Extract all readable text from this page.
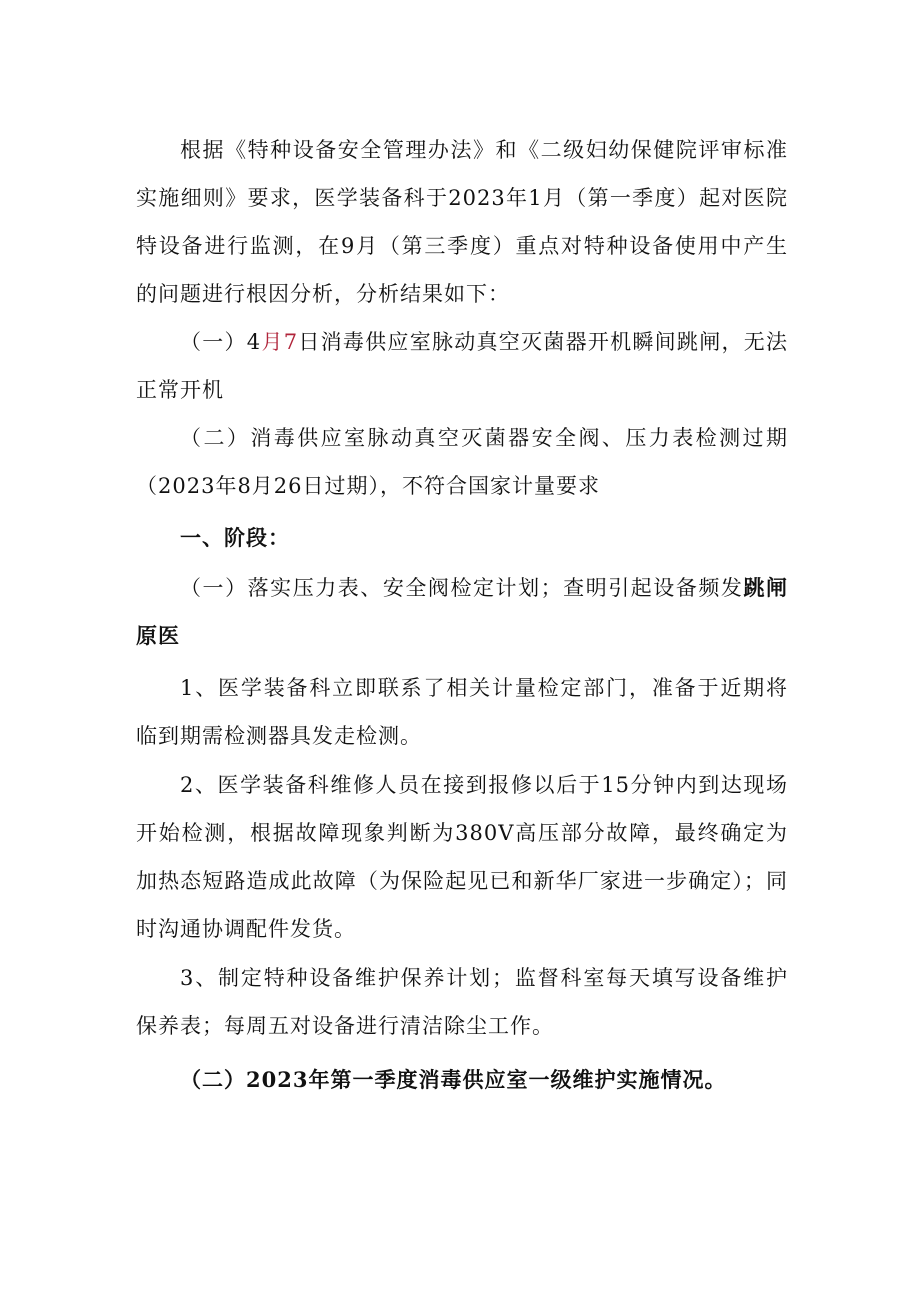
根据《特种设备安全管理办法》和《二级妇幼保健院评审标准实施细则》要求，医学装备科于2023年1月（第一季度）起对医院特设备进行监测，在9月（第三季度）重点对特种设备使用中产生的问题进行根因分析，分析结果如下：

（一）4月7日消毒供应室脉动真空灭菌器开机瞬间跳闸，无法正常开机

（二）消毒供应室脉动真空灭菌器安全阀、压力表检测过期（2023年8月26日过期），不符合国家计量要求

一、阶段：

（一）落实压力表、安全阀检定计划；查明引起设备频发跳闸原医

1、医学装备科立即联系了相关计量检定部门，准备于近期将临到期需检测器具发走检测。

2、医学装备科维修人员在接到报修以后于15分钟内到达现场开始检测，根据故障现象判断为380V高压部分故障，最终确定为加热态短路造成此故障（为保险起见已和新华厂家进一步确定）；同时沟通协调配件发货。

3、制定特种设备维护保养计划；监督科室每天填写设备维护保养表；每周五对设备进行清洁除尘工作。

（二）2023年第一季度消毒供应室一级维护实施情况。
